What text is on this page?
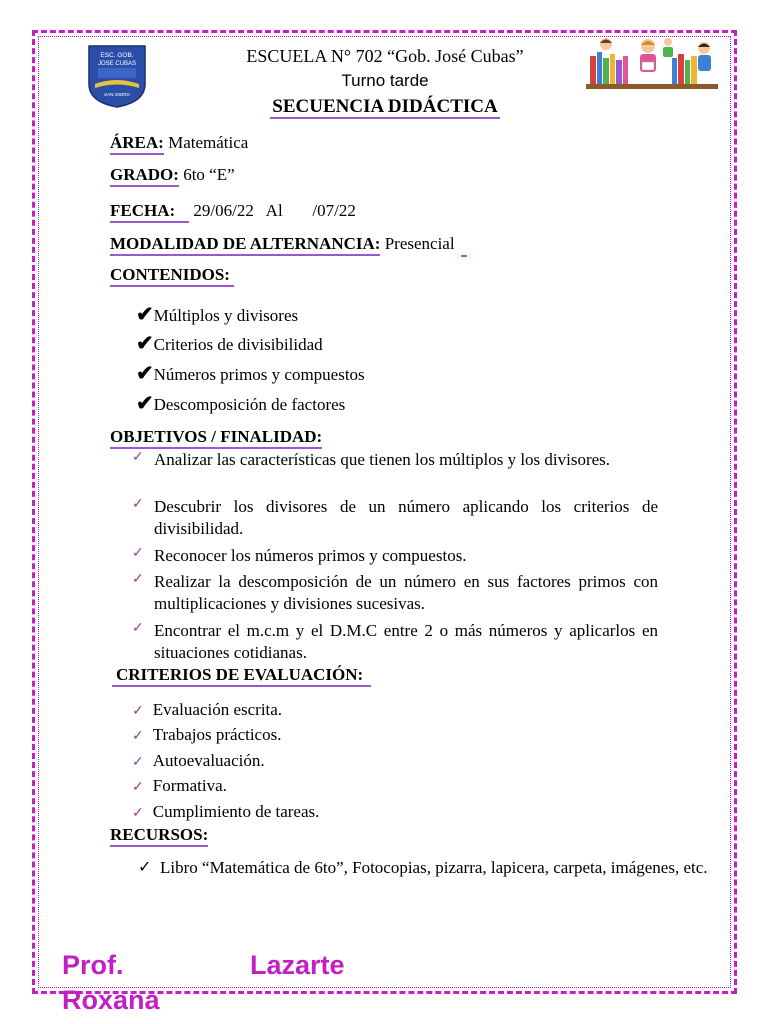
ESC. GOB.
JOSE CUBAS
SAN ISIDRO
ESCUELA N° 702 “Gob. José Cubas”
Turno tarde
SECUENCIA DIDÁCTICA
ÁREA: Matemática
GRADO: 6to “E”
FECHA: 29/06/22   Al       /07/22
MODALIDAD DE ALTERNANCIA: Presencial
CONTENIDOS:
✔Múltiplos y divisores
✔Criterios de divisibilidad
✔Números primos y compuestos
✔Descomposición de factores
OBJETIVOS / FINALIDAD:
✓ Analizar las características que tienen los múltiplos y los divisores.
✓ Descubrir los divisores de un número aplicando los criterios de divisibilidad.
✓ Reconocer los números primos y compuestos.
✓ Realizar la descomposición de un número en sus factores primos con multiplicaciones y divisiones sucesivas.
✓ Encontrar el m.c.m y el D.M.C entre 2 o más números y aplicarlos en situaciones cotidianas.
CRITERIOS DE EVALUACIÓN:
✓ Evaluación escrita.
✓ Trabajos prácticos.
✓ Autoevaluación.
✓ Formativa.
✓ Cumplimiento de tareas.
RECURSOS:
✓ Libro “Matemática de 6to”, Fotocopias, pizarra, lapicera, carpeta, imágenes, etc.
Prof.	Lazarte
Roxana
